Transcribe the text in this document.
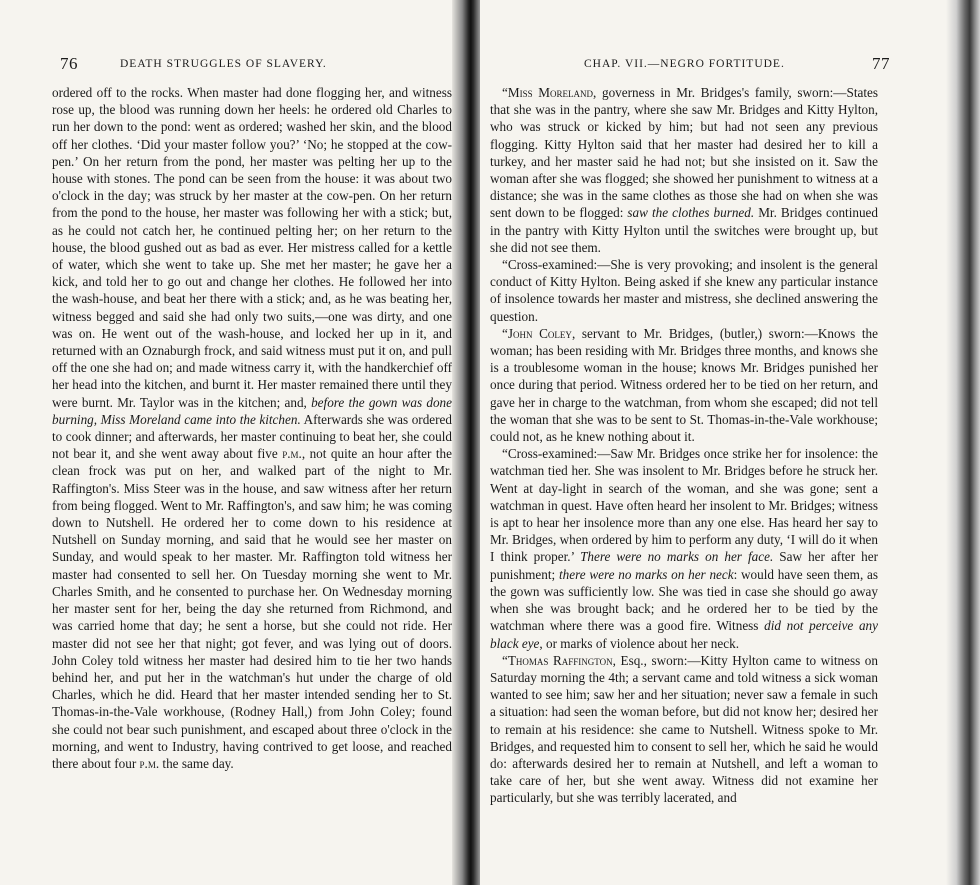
76	DEATH STRUGGLES OF SLAVERY.

ordered off to the rocks. When master had done flogging her, and witness rose up, the blood was running down her heels: he ordered old Charles to run her down to the pond: went as ordered; washed her skin, and the blood off her clothes. ‘Did your master follow you?’ ‘No; he stopped at the cow-pen.’ On her return from the pond, her master was pelting her up to the house with stones. The pond can be seen from the house: it was about two o'clock in the day; was struck by her master at the cow-pen. On her return from the pond to the house, her master was following her with a stick; but, as he could not catch her, he continued pelting her; on her return to the house, the blood gushed out as bad as ever. Her mistress called for a kettle of water, which she went to take up. She met her master; he gave her a kick, and told her to go out and change her clothes. He followed her into the wash-house, and beat her there with a stick; and, as he was beating her, witness begged and said she had only two suits,—one was dirty, and one was on. He went out of the wash-house, and locked her up in it, and returned with an Oznaburgh frock, and said witness must put it on, and pull off the one she had on; and made witness carry it, with the handkerchief off her head into the kitchen, and burnt it. Her master remained there until they were burnt. Mr. Taylor was in the kitchen; and, before the gown was done burning, Miss Moreland came into the kitchen. Afterwards she was ordered to cook dinner; and afterwards, her master continuing to beat her, she could not bear it, and she went away about five p.m., not quite an hour after the clean frock was put on her, and walked part of the night to Mr. Raffington's. Miss Steer was in the house, and saw witness after her return from being flogged. Went to Mr. Raffington's, and saw him; he was coming down to Nutshell. He ordered her to come down to his residence at Nutshell on Sunday morning, and said that he would see her master on Sunday, and would speak to her master. Mr. Raffington told witness her master had consented to sell her. On Tuesday morning she went to Mr. Charles Smith, and he consented to purchase her. On Wednesday morning her master sent for her, being the day she returned from Richmond, and was carried home that day; he sent a horse, but she could not ride. Her master did not see her that night; got fever, and was lying out of doors. John Coley told witness her master had desired him to tie her two hands behind her, and put her in the watchman's hut under the charge of old Charles, which he did. Heard that her master intended sending her to St. Thomas-in-the-Vale workhouse, (Rodney Hall,) from John Coley; found she could not bear such punishment, and escaped about three o'clock in the morning, and went to Industry, having contrived to get loose, and reached there about four p.m. the same day.

CHAP. VII.—NEGRO FORTITUDE.	77

“Miss Moreland, governess in Mr. Bridges's family, sworn:—States that she was in the pantry, where she saw Mr. Bridges and Kitty Hylton, who was struck or kicked by him; but had not seen any previous flogging. Kitty Hylton said that her master had desired her to kill a turkey, and her master said he had not; but she insisted on it. Saw the woman after she was flogged; she showed her punishment to witness at a distance; she was in the same clothes as those she had on when she was sent down to be flogged: saw the clothes burned. Mr. Bridges continued in the pantry with Kitty Hylton until the switches were brought up, but she did not see them.

“Cross-examined:—She is very provoking; and insolent is the general conduct of Kitty Hylton. Being asked if she knew any particular instance of insolence towards her master and mistress, she declined answering the question.

“John Coley, servant to Mr. Bridges, (butler,) sworn:—Knows the woman; has been residing with Mr. Bridges three months, and knows she is a troublesome woman in the house; knows Mr. Bridges punished her once during that period. Witness ordered her to be tied on her return, and gave her in charge to the watchman, from whom she escaped; did not tell the woman that she was to be sent to St. Thomas-in-the-Vale workhouse; could not, as he knew nothing about it.

“Cross-examined:—Saw Mr. Bridges once strike her for insolence: the watchman tied her. She was insolent to Mr. Bridges before he struck her. Went at day-light in search of the woman, and she was gone; sent a watchman in quest. Have often heard her insolent to Mr. Bridges; witness is apt to hear her insolence more than any one else. Has heard her say to Mr. Bridges, when ordered by him to perform any duty, ‘I will do it when I think proper.’ There were no marks on her face. Saw her after her punishment; there were no marks on her neck: would have seen them, as the gown was sufficiently low. She was tied in case she should go away when she was brought back; and he ordered her to be tied by the watchman where there was a good fire. Witness did not perceive any black eye, or marks of violence about her neck.

“Thomas Raffington, Esq., sworn:—Kitty Hylton came to witness on Saturday morning the 4th; a servant came and told witness a sick woman wanted to see him; saw her and her situation; never saw a female in such a situation: had seen the woman before, but did not know her; desired her to remain at his residence: she came to Nutshell. Witness spoke to Mr. Bridges, and requested him to consent to sell her, which he said he would do: afterwards desired her to remain at Nutshell, and left a woman to take care of her, but she went away. Witness did not examine her particularly, but she was terribly lacerated, and
